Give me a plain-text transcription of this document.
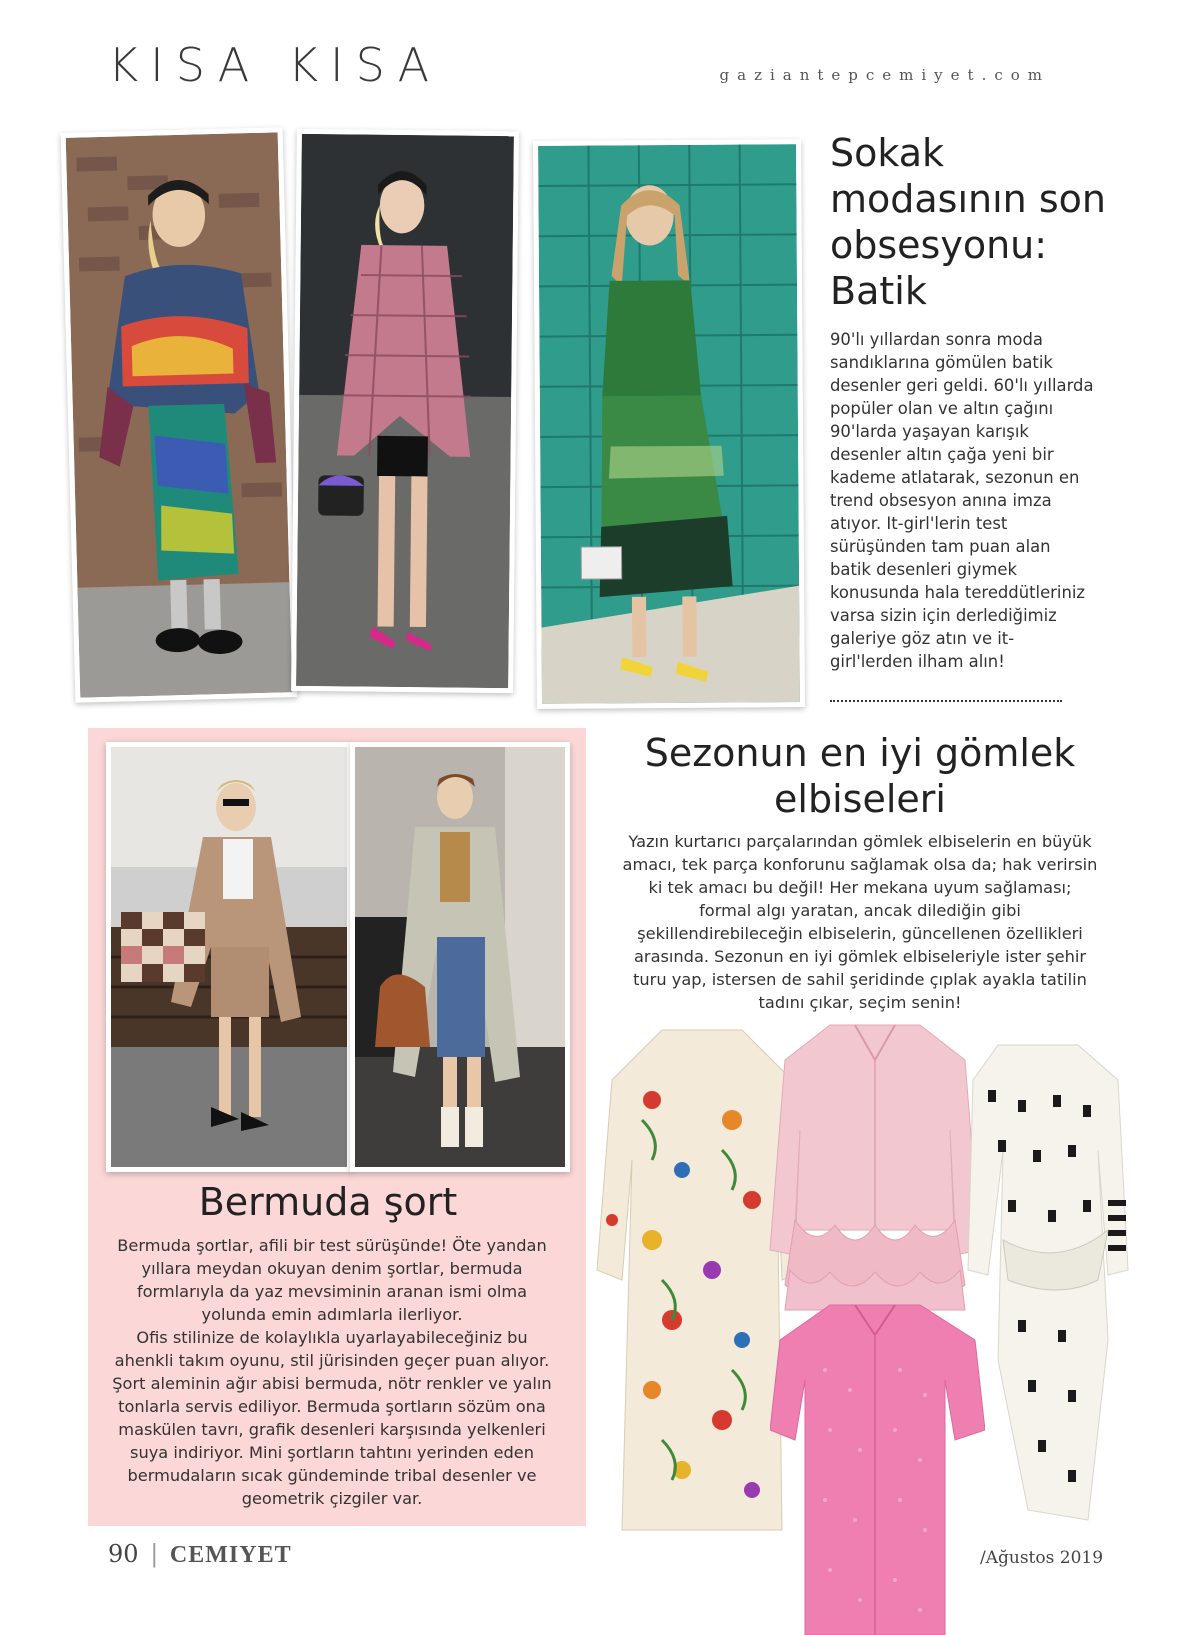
KISA KISA	gaziantepcemiyet.com
Sokak modasının son obsesyonu: Batik
90'lı yıllardan sonra moda sandıklarına gömülen batik desenler geri geldi. 60'lı yıllarda popüler olan ve altın çağını 90'larda yaşayan karışık desenler altın çağa yeni bir kademe atlatarak, sezonun en trend obsesyon anına imza atıyor. It-girl'lerin test sürüşünden tam puan alan batik desenleri giymek konusunda hala tereddütleriniz varsa sizin için derlediğimiz galeriye göz atın ve it-girl'lerden ilham alın!
Bermuda şort
Bermuda şortlar, afili bir test sürüşünde! Öte yandan yıllara meydan okuyan denim şortlar, bermuda formlarıyla da yaz mevsiminin aranan ismi olma yolunda emin adımlarla ilerliyor.
Ofis stilinize de kolaylıkla uyarlayabileceğiniz bu ahenkli takım oyunu, stil jürisinden geçer puan alıyor. Şort aleminin ağır abisi bermuda, nötr renkler ve yalın tonlarla servis ediliyor. Bermuda şortların sözüm ona maskülen tavrı, grafik desenleri karşısında yelkenleri suya indiriyor. Mini şortların tahtını yerinden eden bermudaların sıcak gündeminde tribal desenler ve geometrik çizgiler var.
Sezonun en iyi gömlek elbiseleri
Yazın kurtarıcı parçalarından gömlek elbiselerin en büyük amacı, tek parça konforunu sağlamak olsa da; hak verirsin ki tek amacı bu değil! Her mekana uyum sağlaması; formal algı yaratan, ancak dilediğin gibi şekillendirebileceğin elbiselerin, güncellenen özellikleri arasında. Sezonun en iyi gömlek elbiseleriyle ister şehir turu yap, istersen de sahil şeridinde çıplak ayakla tatilin tadını çıkar, seçim senin!
90 | CEMIYET	/Ağustos 2019
